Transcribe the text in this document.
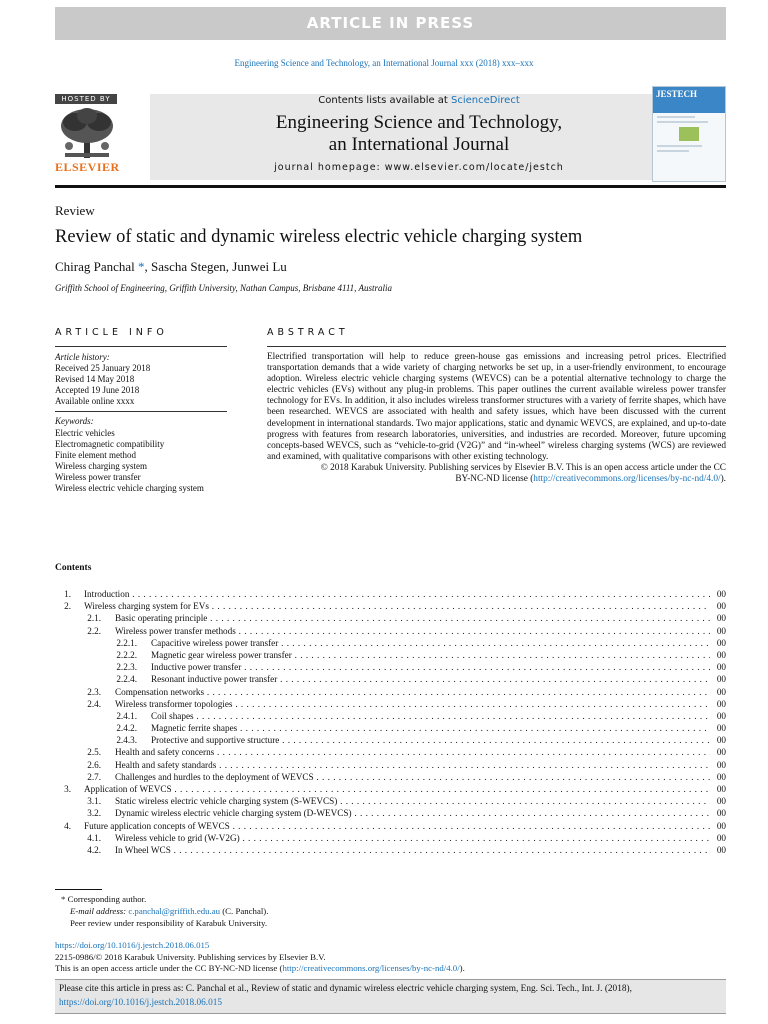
ARTICLE IN PRESS
Engineering Science and Technology, an International Journal xxx (2018) xxx–xxx
HOSTED BY
ELSEVIER
Contents lists available at ScienceDirect
Engineering Science and Technology,
an International Journal
journal homepage: www.elsevier.com/locate/jestch
JESTECH
Review
Review of static and dynamic wireless electric vehicle charging system
Chirag Panchal *, Sascha Stegen, Junwei Lu
Griffith School of Engineering, Griffith University, Nathan Campus, Brisbane 4111, Australia
ARTICLE INFO	ABSTRACT
Article history:
Received 25 January 2018
Revised 14 May 2018
Accepted 19 June 2018
Available online xxxx
Keywords:
Electric vehicles
Electromagnetic compatibility
Finite element method
Wireless charging system
Wireless power transfer
Wireless electric vehicle charging system
Electrified transportation will help to reduce green-house gas emissions and increasing petrol prices. Electrified transportation demands that a wide variety of charging networks be set up, in a user-friendly environment, to encourage adoption. Wireless electric vehicle charging systems (WEVCS) can be a potential alternative technology to charge the electric vehicles (EVs) without any plug-in problems. This paper outlines the current available wireless power transfer technology for EVs. In addition, it also includes wireless transformer structures with a variety of ferrite shapes, which have been researched. WEVCS are associated with health and safety issues, which have been discussed with the current development in international standards. Two major applications, static and dynamic WEVCS, are explained, and up-to-date progress with features from research laboratories, universities, and industries are recorded. Moreover, future upcoming concepts-based WEVCS, such as “vehicle-to-grid (V2G)” and “in-wheel” wireless charging systems (WCS) are reviewed and examined, with qualitative comparisons with other existing technology.
© 2018 Karabuk University. Publishing services by Elsevier B.V. This is an open access article under the CC
BY-NC-ND license (http://creativecommons.org/licenses/by-nc-nd/4.0/).
Contents
1. Introduction . . .	00
2. Wireless charging system for EVs . . .	00
2.1. Basic operating principle . . .	00
2.2. Wireless power transfer methods . . .	00
2.2.1. Capacitive wireless power transfer . . .	00
2.2.2. Magnetic gear wireless power transfer . . .	00
2.2.3. Inductive power transfer . . .	00
2.2.4. Resonant inductive power transfer . . .	00
2.3. Compensation networks . . .	00
2.4. Wireless transformer topologies . . .	00
2.4.1. Coil shapes . . .	00
2.4.2. Magnetic ferrite shapes . . .	00
2.4.3. Protective and supportive structure . . .	00
2.5. Health and safety concerns . . .	00
2.6. Health and safety standards . . .	00
2.7. Challenges and hurdles to the deployment of WEVCS . . .	00
3. Application of WEVCS . . .	00
3.1. Static wireless electric vehicle charging system (S-WEVCS) . . .	00
3.2. Dynamic wireless electric vehicle charging system (D-WEVCS) . . .	00
4. Future application concepts of WEVCS . . .	00
4.1. Wireless vehicle to grid (W-V2G) . . .	00
4.2. In Wheel WCS . . .	00
* Corresponding author.
E-mail address: c.panchal@griffith.edu.au (C. Panchal).
Peer review under responsibility of Karabuk University.
https://doi.org/10.1016/j.jestch.2018.06.015
2215-0986/© 2018 Karabuk University. Publishing services by Elsevier B.V.
This is an open access article under the CC BY-NC-ND license (http://creativecommons.org/licenses/by-nc-nd/4.0/).
Please cite this article in press as: C. Panchal et al., Review of static and dynamic wireless electric vehicle charging system, Eng. Sci. Tech., Int. J. (2018),
https://doi.org/10.1016/j.jestch.2018.06.015
